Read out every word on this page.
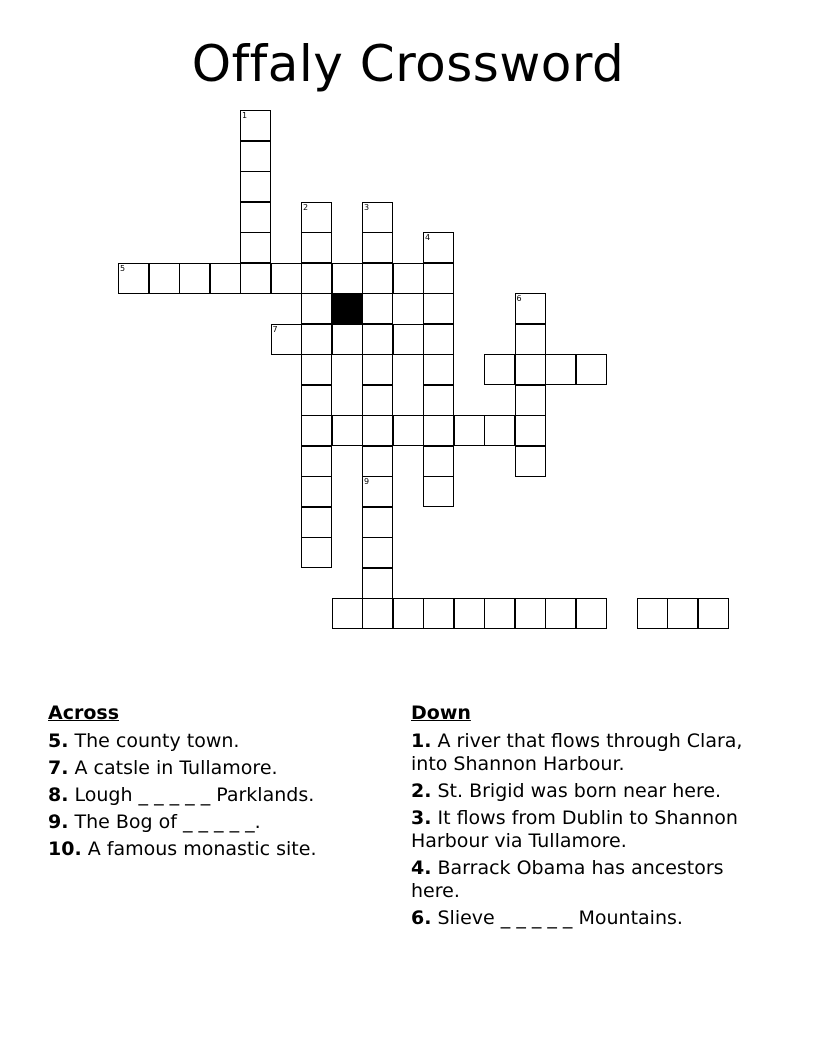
Offaly Crossword
1
2	3
9
4
6
5
7
Across
5. The county town.
7. A catsle in Tullamore.
8. Lough _ _ _ _ _ Parklands.
9. The Bog of _ _ _ _ _.
10. A famous monastic site.
Down
1. A river that flows through Clara, into Shannon Harbour.
2. St. Brigid was born near here.
3. It flows from Dublin to Shannon Harbour via Tullamore.
4. Barrack Obama has ancestors here.
6. Slieve _ _ _ _ _ Mountains.
